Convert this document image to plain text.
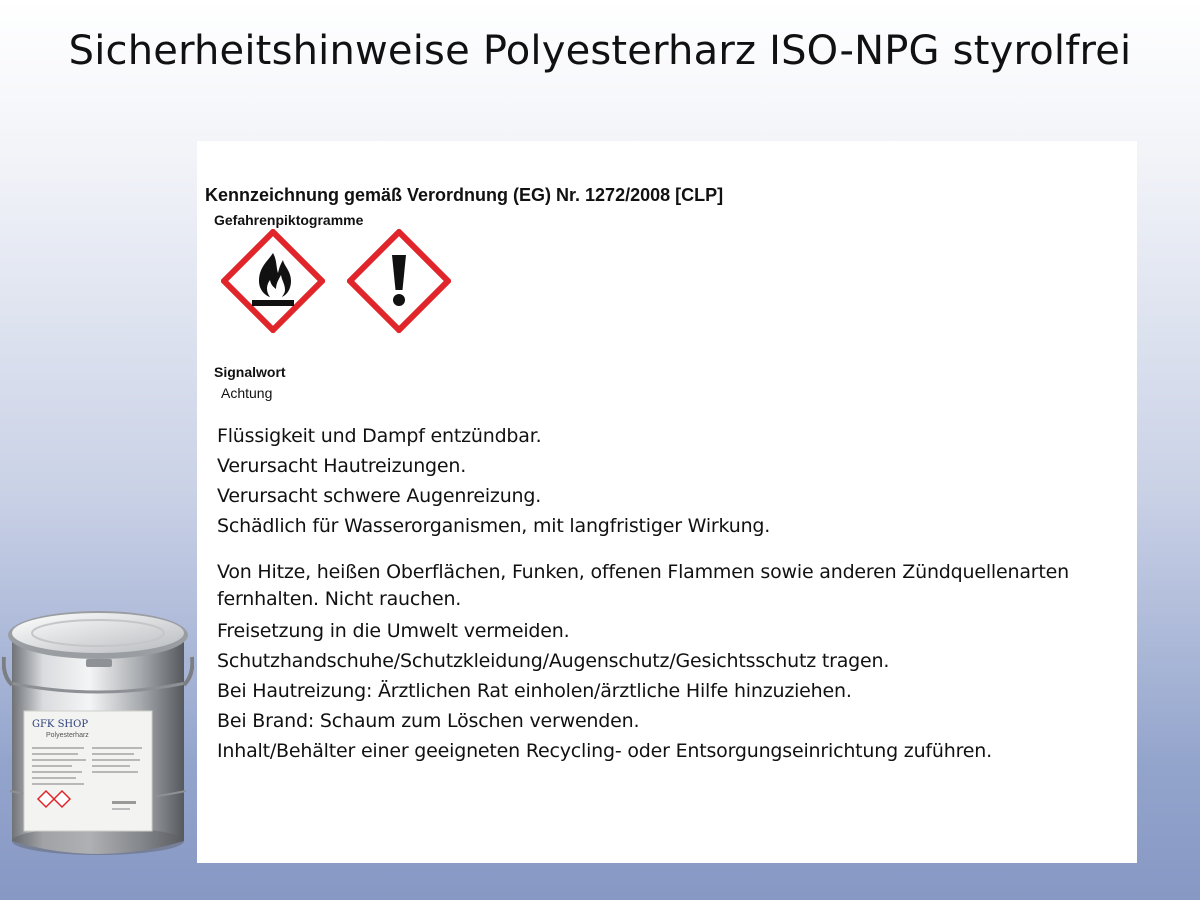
Sicherheitshinweise Polyesterharz ISO-NPG styrolfrei
Kennzeichnung gemäß Verordnung (EG) Nr. 1272/2008 [CLP]
Gefahrenpiktogramme
Signalwort
Achtung

Flüssigkeit und Dampf entzündbar.

Verursacht Hautreizungen.

Verursacht schwere Augenreizung.

Schädlich für Wasserorganismen, mit langfristiger Wirkung.

Von Hitze, heißen Oberflächen, Funken, offenen Flammen sowie anderen Zündquellenarten fernhalten. Nicht rauchen.

Freisetzung in die Umwelt vermeiden.

Schutzhandschuhe/Schutzkleidung/Augenschutz/Gesichtsschutz tragen.

Bei Hautreizung: Ärztlichen Rat einholen/ärztliche Hilfe hinzuziehen.

Bei Brand: Schaum zum Löschen verwenden.

Inhalt/Behälter einer geeigneten Recycling- oder Entsorgungseinrichtung zuführen.

GFK SHOP
Polyesterharz
